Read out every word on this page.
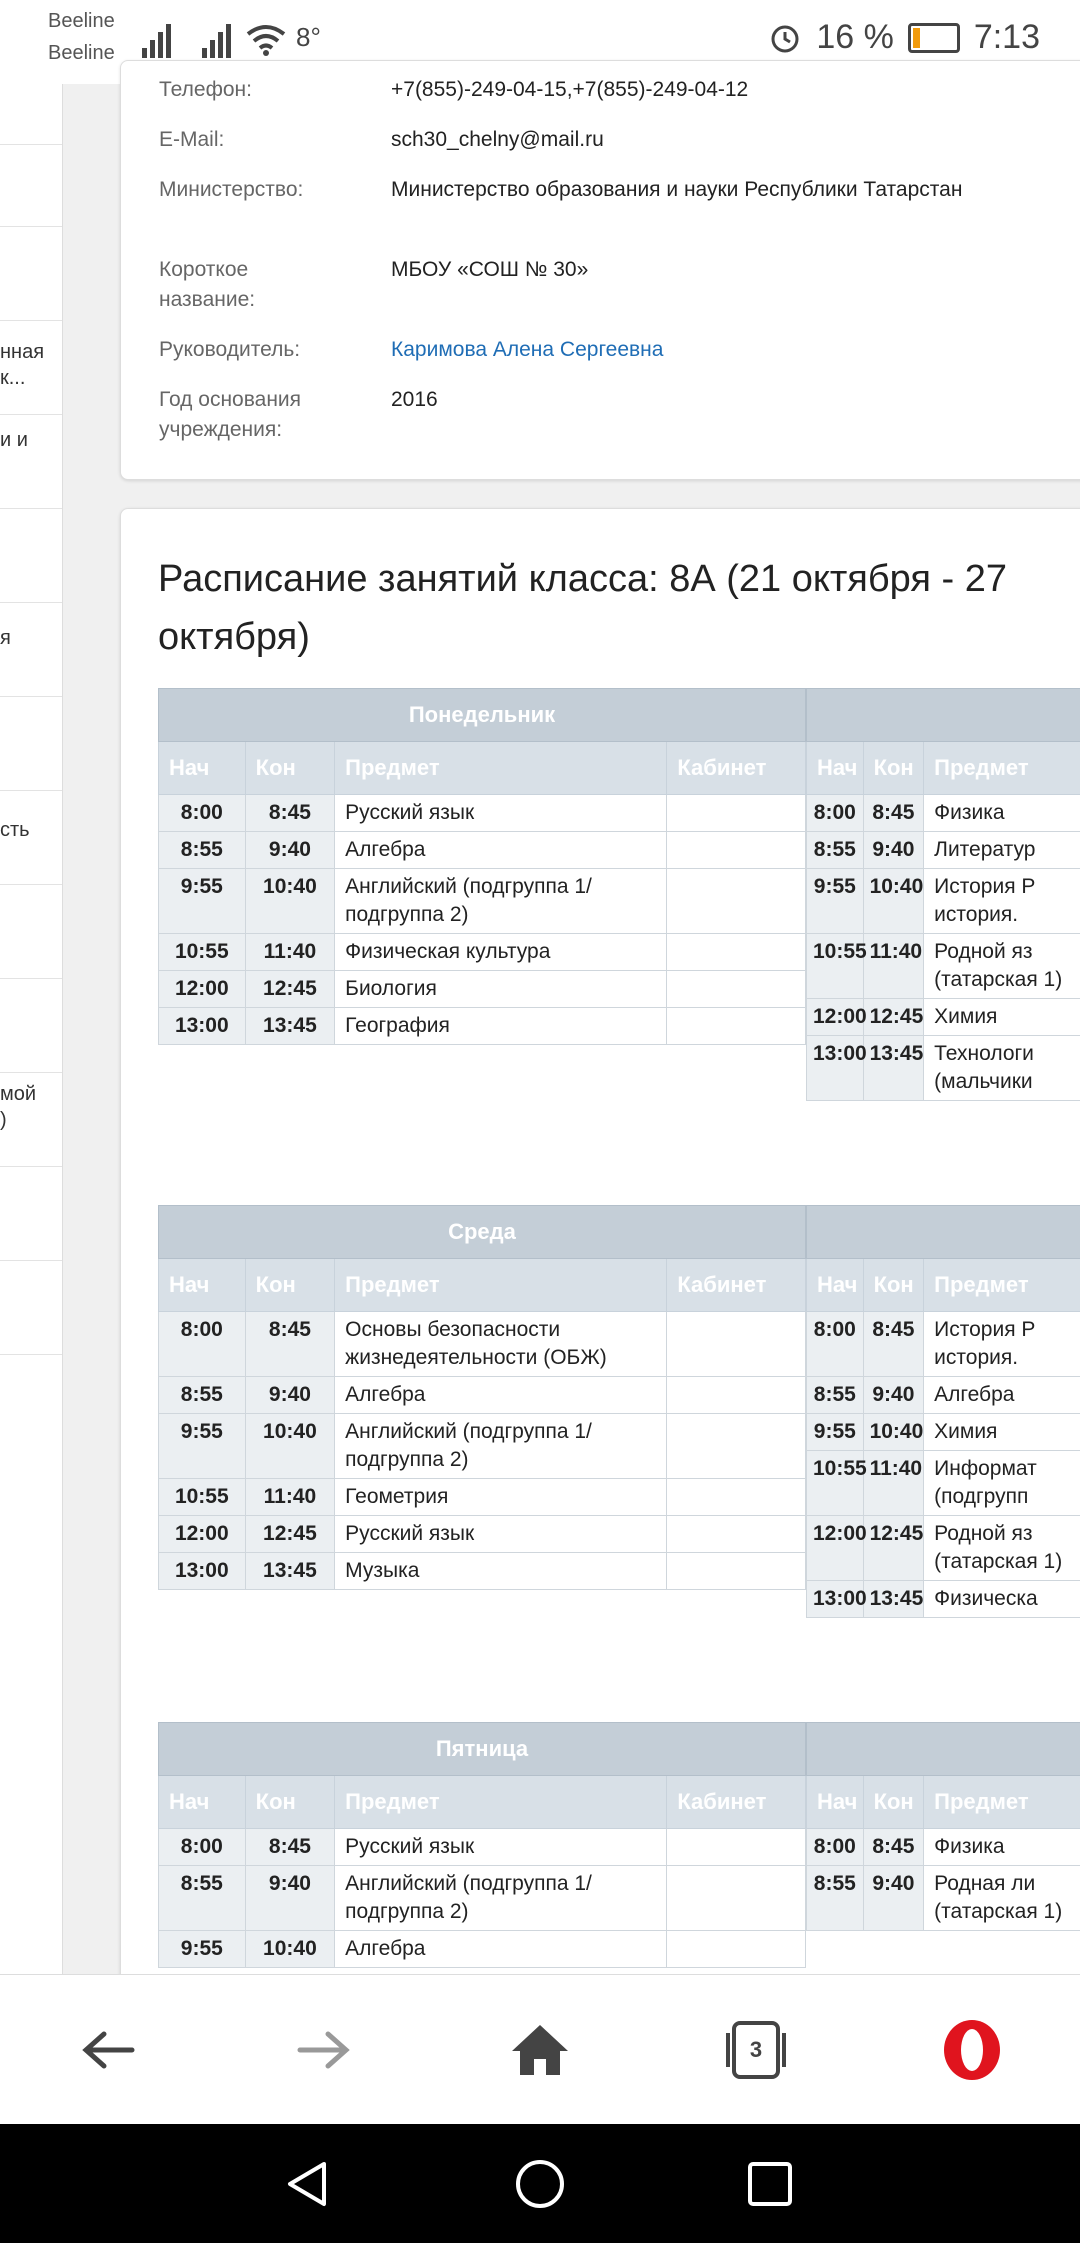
Beeline
Beeline
8°	16 % 7:13
нная
к...
и и
я
сть
мой
)
Телефон:	+7(855)-249-04-15,+7(855)-249-04-12
E-Mail:	sch30_chelny@mail.ru
Министерство:	Министерство образования и науки Республики Татарстан
Короткое название:
МБОУ «СОШ № 30»
Руководитель:	Каримова Алена Сергеевна
Год основания учреждения:
2016
Расписание занятий класса: 8А (21 октября - 27 октября)
Понедельник			
Нач	Кон	Предмет	Кабинет
8:00	8:45	Русский язык	
8:55	9:40	Алгебра	
9:55	10:40	Английский (подгруппа 1/подгруппа 2)	
10:55	11:40	Физическая культура	
12:00	12:45	Биология	
13:00	13:45	География	
Среда			
Нач	Кон	Предмет	Кабинет
8:00	8:45	Основы безопасности жизнедеятельности (ОБЖ)	
8:55	9:40	Алгебра	
9:55	10:40	Английский (подгруппа 1/подгруппа 2)	
10:55	11:40	Геометрия	
12:00	12:45	Русский язык	
13:00	13:45	Музыка	
Пятница			
Нач	Кон	Предмет	Кабинет
8:00	8:45	Русский язык	
8:55	9:40	Английский (подгруппа 1/подгруппа 2)	
9:55	10:40	Алгебра	

Нач	Кон	Предмет
8:00	8:45	Физика
8:55	9:40	Литератур
9:55	10:40	История Р история.
10:55	11:40	Родной яз (татарская 1)
12:00	12:45	Химия
13:00	13:45	Технологи (мальчики

Нач	Кон	Предмет
8:00	8:45	История Р история.
8:55	9:40	Алгебра
9:55	10:40	Химия
10:55	11:40	Информат (подгрупп
12:00	12:45	Родной яз (татарская 1)
13:00	13:45	Физическа

Нач	Кон	Предмет
8:00	8:45	Физика
8:55	9:40	Родная ли (татарская 1)
3
